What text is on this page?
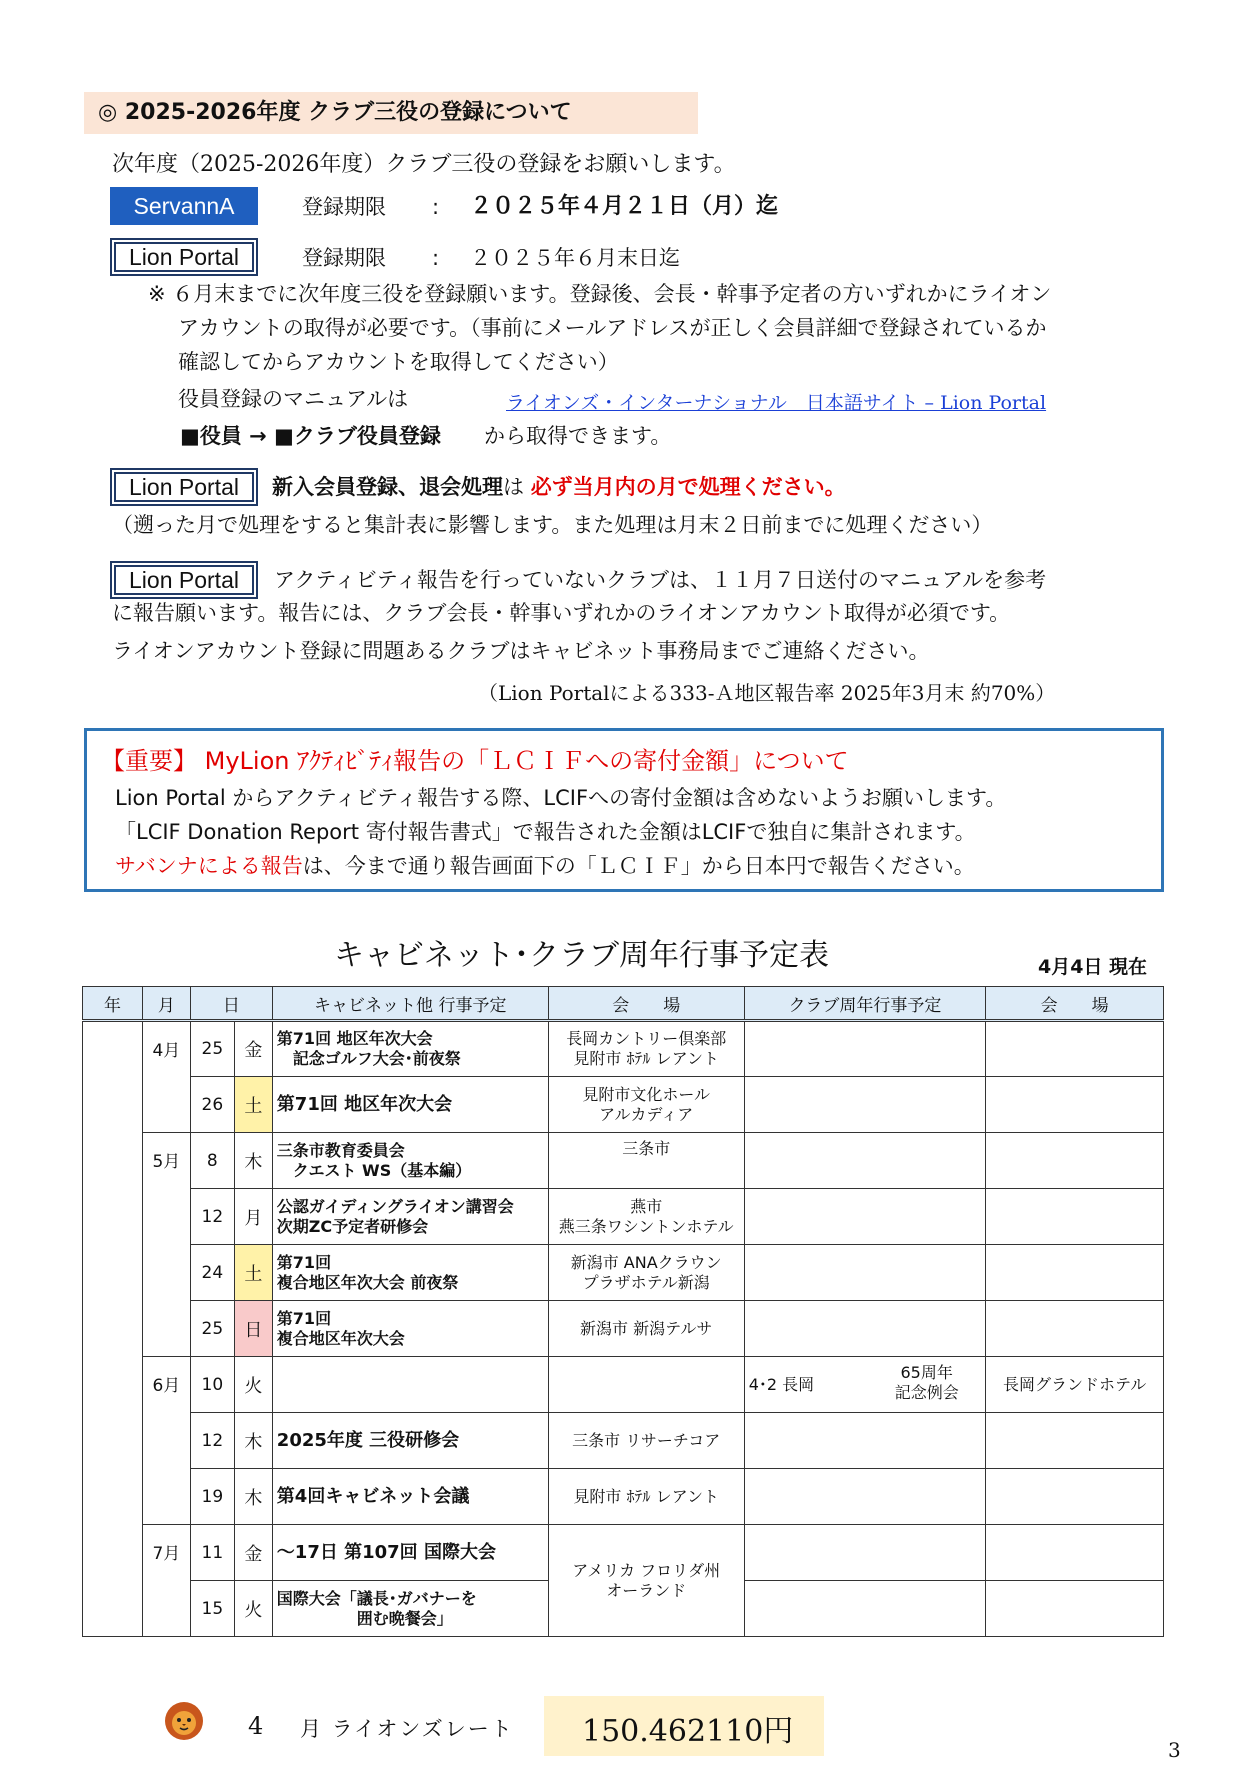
◎ 2025-2026年度 クラブ三役の登録について
次年度（2025-2026年度）クラブ三役の登録をお願いします。
ServannA	登録期限 : ２０２５年４月２１日（月）迄
Lion Portal	登録期限 : ２０２５年６月末日迄
※ ６月末までに次年度三役を登録願います。登録後、会長・幹事予定者の方いずれかにライオン
アカウントの取得が必要です。（事前にメールアドレスが正しく会員詳細で登録されているか
確認してからアカウントを取得してください）
役員登録のマニュアルは	ライオンズ・インターナショナル　日本語サイト – Lion Portal
■役員 → ■クラブ役員登録 から取得できます。
Lion Portal	新入会員登録、退会処理は 必ず当月内の月で処理ください。
（遡った月で処理をすると集計表に影響します。また処理は月末２日前までに処理ください）
Lion Portal	アクティビティ報告を行っていないクラブは、１１月７日送付のマニュアルを参考
に報告願います。報告には、クラブ会長・幹事いずれかのライオンアカウント取得が必須です。
ライオンアカウント登録に問題あるクラブはキャビネット事務局までご連絡ください。
（Lion Portalによる333-Ａ地区報告率 2025年3月末 約70%）
【重要】 MyLion ｱｸﾃｨﾋﾞﾃｨ報告の「ＬＣＩＦへの寄付金額」について
Lion Portal からアクティビティ報告する際、LCIFへの寄付金額は含めないようお願いします。
「LCIF Donation Report 寄付報告書式」で報告された金額はLCIFで独自に集計されます。
サバンナによる報告は、今まで通り報告画面下の「ＬＣＩＦ」から日本円で報告ください。
キャビネット･クラブ周年行事予定表	4月4日 現在
年	月	日		キャビネット他 行事予定	会　　場	クラブ周年行事予定	会　　場
	4月	25	金	第71回 地区年次大会
　記念ゴルフ大会･前夜祭	長岡カントリー倶楽部
見附市 ﾎﾃﾙ レアント		
		26	土	第71回 地区年次大会	見附市文化ホール
アルカディア		
	5月	8	木	三条市教育委員会
　クエスト WS（基本編）	三条市		
		12	月	公認ガイディングライオン講習会
次期ZC予定者研修会	燕市
燕三条ワシントンホテル		
		24	土	第71回
複合地区年次大会 前夜祭	新潟市 ANAクラウン
プラザホテル新潟		
		25	日	第71回
複合地区年次大会	新潟市 新潟テルサ		
	6月	10	火			4･2 長岡
65周年
記念例会	長岡グランドホテル
		12	木	2025年度 三役研修会	三条市 リサーチコア		
		19	木	第4回キャビネット会議	見附市 ﾎﾃﾙ レアント		
	7月	11	金	～17日 第107回 国際大会	アメリカ フロリダ州
オーランド		
		15	火	国際大会「議長･ガバナーを
　　　　　囲む晩餐会」			
4 月 ライオンズレート 150.462110円
3
